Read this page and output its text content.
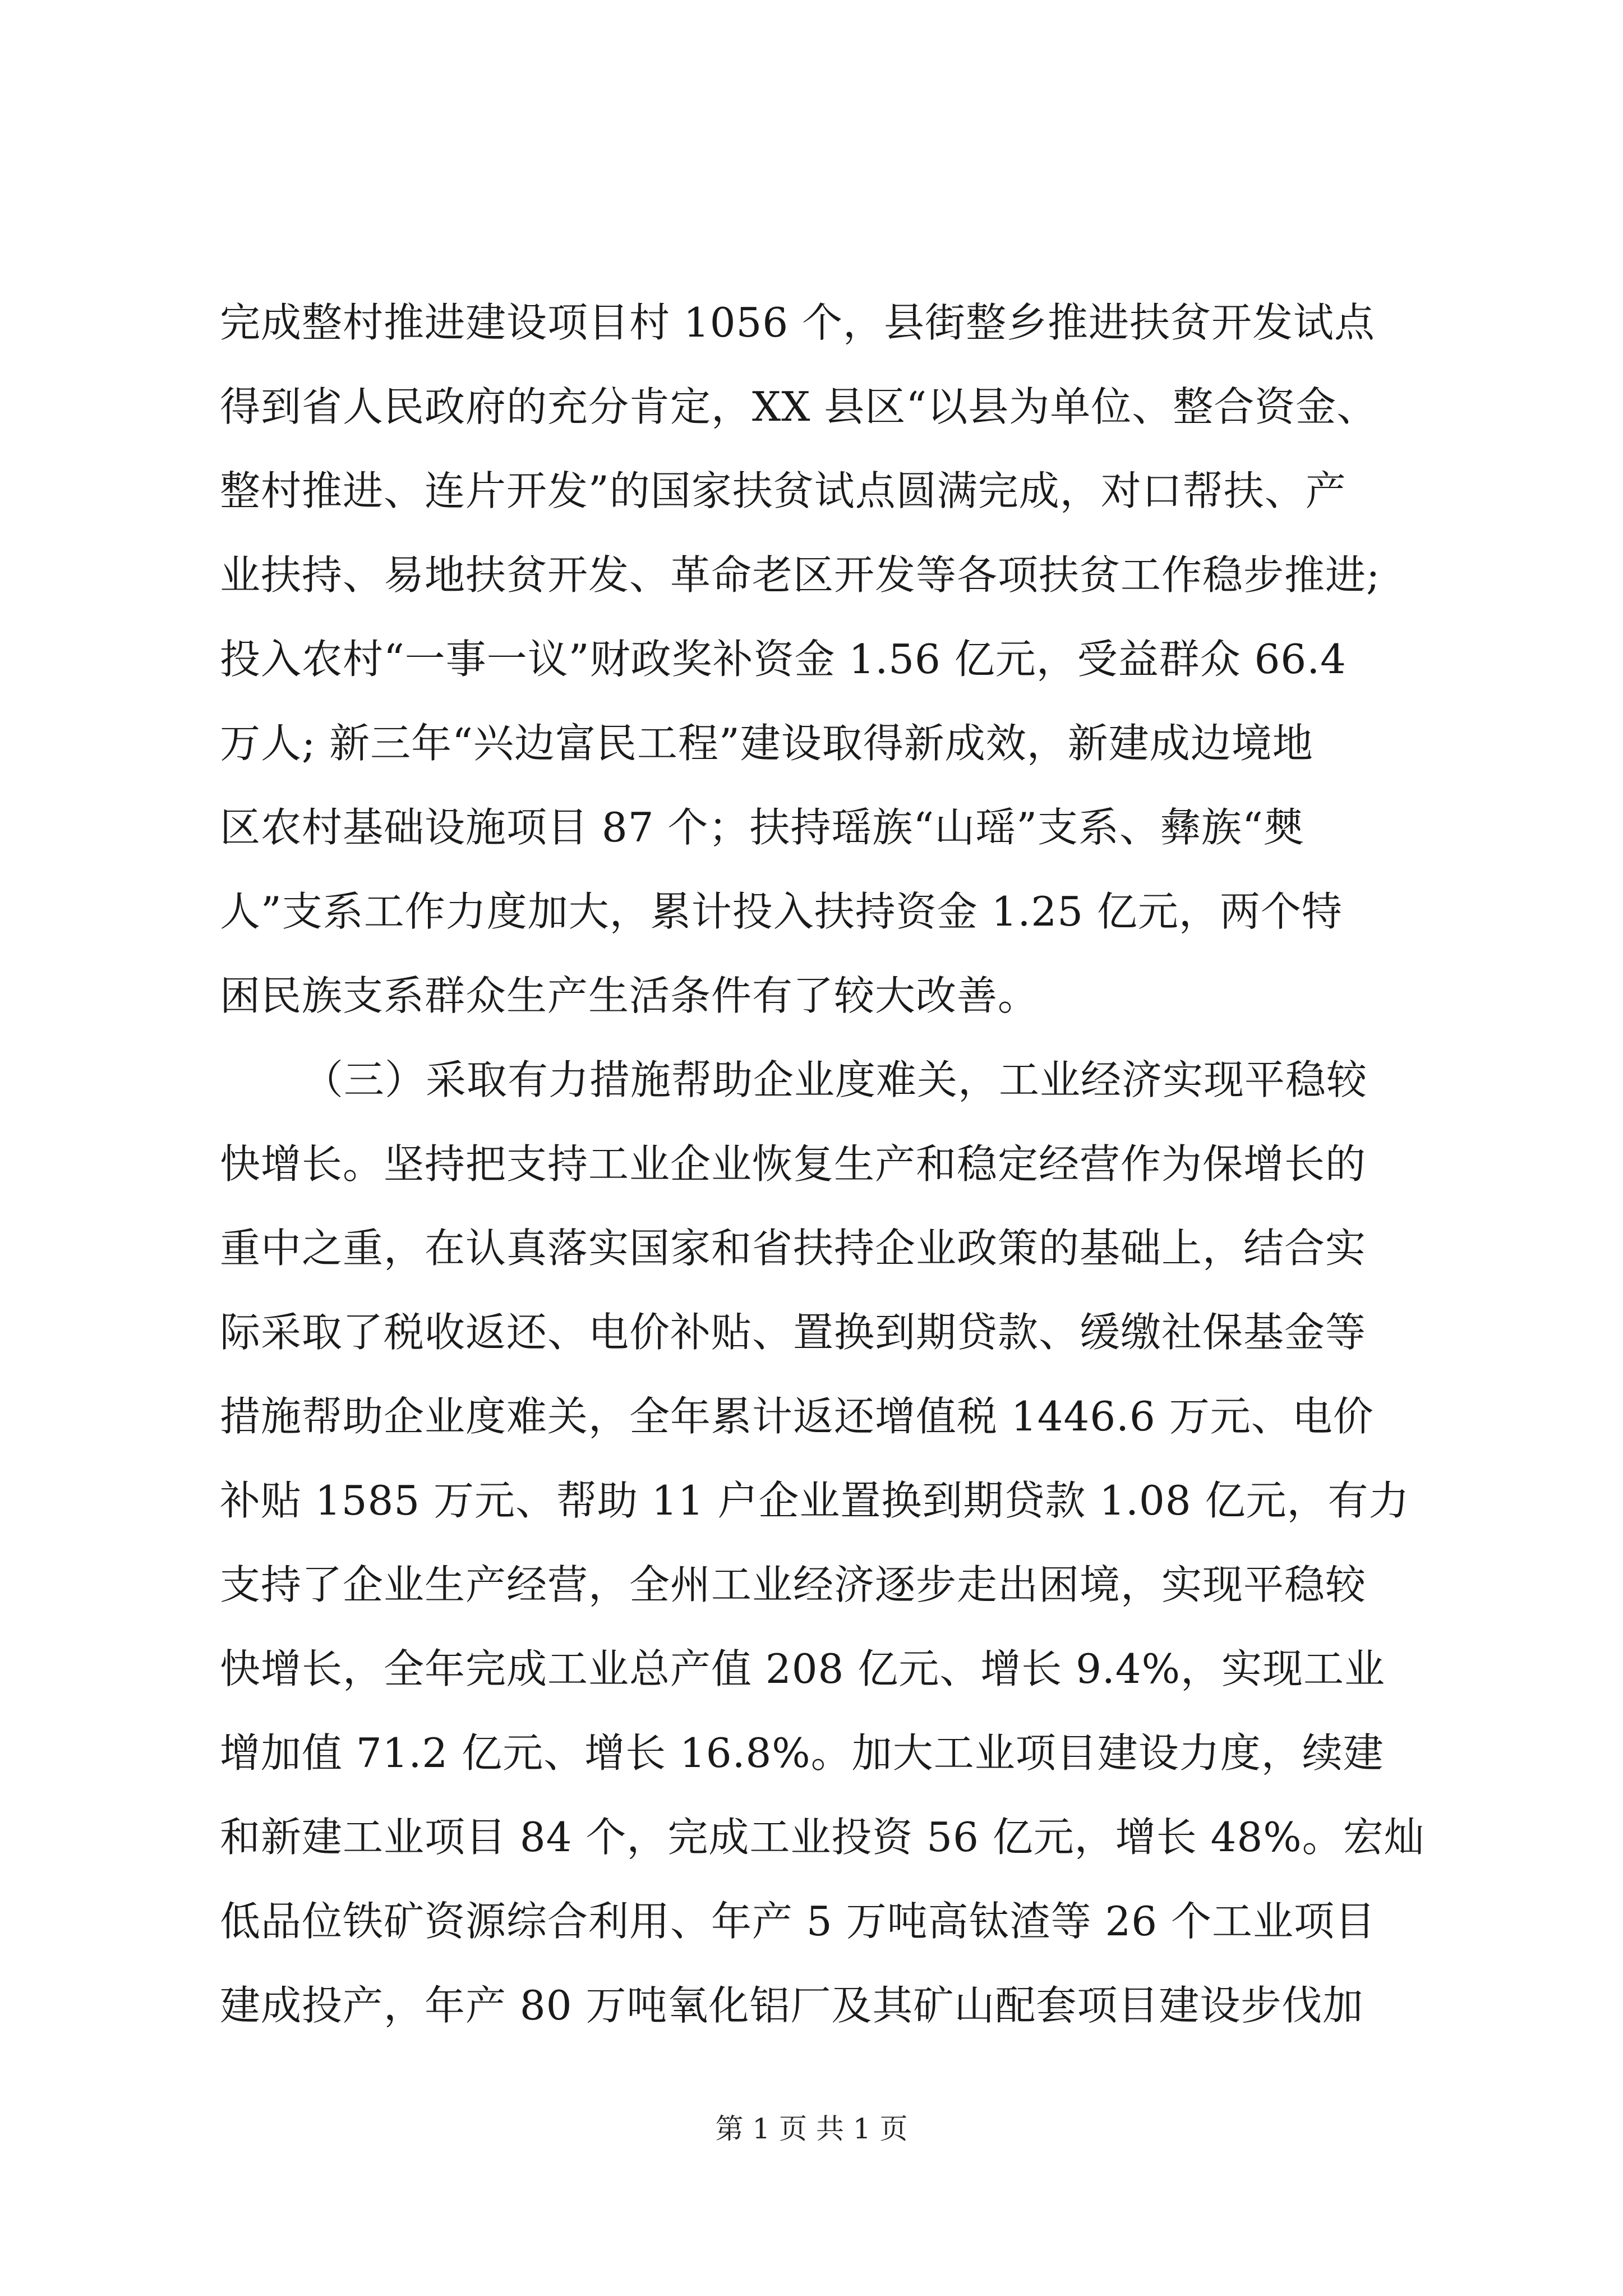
完成整村推进建设项目村 1056 个，县街整乡推进扶贫开发试点
得到省人民政府的充分肯定，XX 县区“以县为单位、整合资金、
整村推进、连片开发”的国家扶贫试点圆满完成，对口帮扶、产
业扶持、易地扶贫开发、革命老区开发等各项扶贫工作稳步推进;
投入农村“一事一议”财政奖补资金 1.56 亿元，受益群众 66.4
万人; 新三年“兴边富民工程”建设取得新成效，新建成边境地
区农村基础设施项目 87 个；扶持瑶族“山瑶”支系、彝族“僰
人”支系工作力度加大，累计投入扶持资金 1.25 亿元，两个特
困民族支系群众生产生活条件有了较大改善。
（三）采取有力措施帮助企业度难关，工业经济实现平稳较
快增长。坚持把支持工业企业恢复生产和稳定经营作为保增长的
重中之重，在认真落实国家和省扶持企业政策的基础上，结合实
际采取了税收返还、电价补贴、置换到期贷款、缓缴社保基金等
措施帮助企业度难关，全年累计返还增值税 1446.6 万元、电价
补贴 1585 万元、帮助 11 户企业置换到期贷款 1.08 亿元，有力
支持了企业生产经营，全州工业经济逐步走出困境，实现平稳较
快增长，全年完成工业总产值 208 亿元、增长 9.4%，实现工业
增加值 71.2 亿元、增长 16.8%。加大工业项目建设力度，续建
和新建工业项目 84 个，完成工业投资 56 亿元，增长 48%。宏灿
低品位铁矿资源综合利用、年产 5 万吨高钛渣等 26 个工业项目
建成投产，年产 80 万吨氧化铝厂及其矿山配套项目建设步伐加
第 1 页 共 1 页
